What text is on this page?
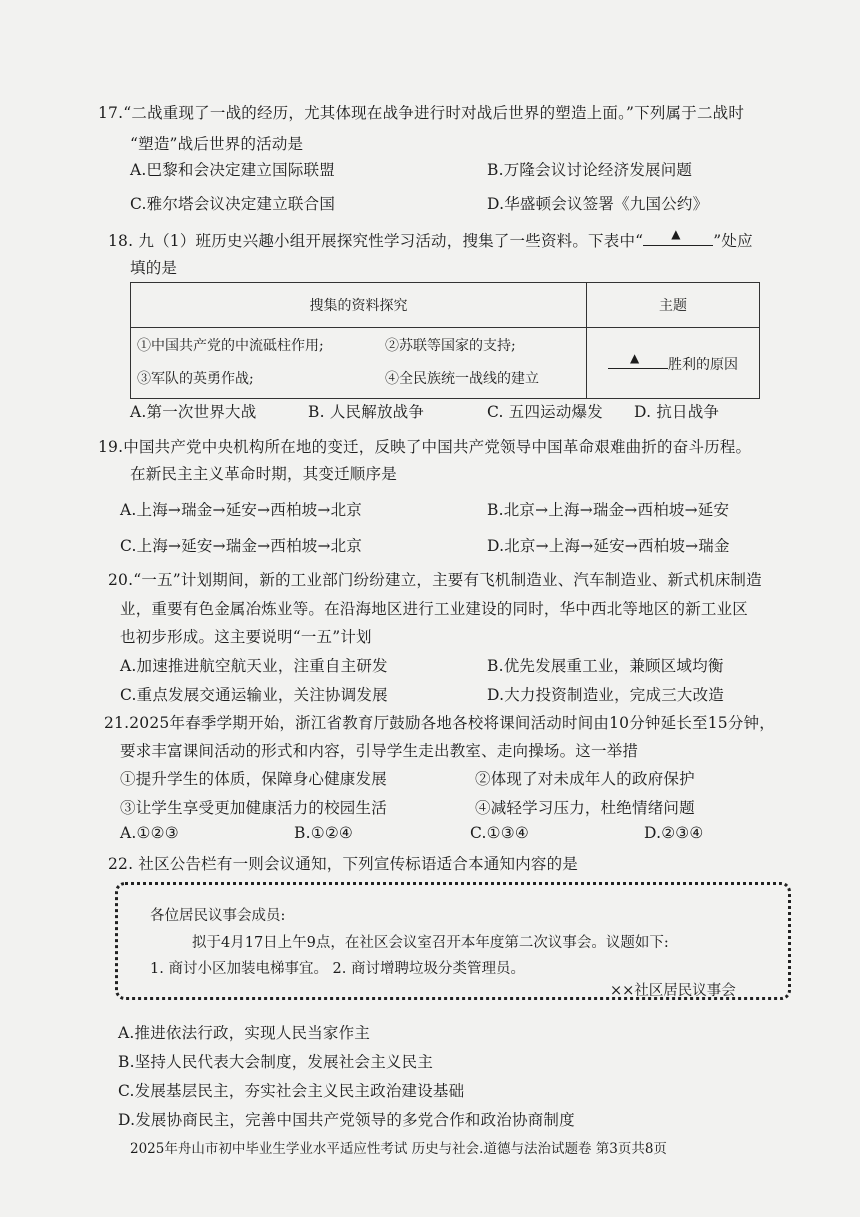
17.“二战重现了一战的经历，尤其体现在战争进行时对战后世界的塑造上面。”下列属于二战时
“塑造”战后世界的活动是
A.巴黎和会决定建立国际联盟	B.万隆会议讨论经济发展问题
C.雅尔塔会议决定建立联合国	D.华盛顿会议签署《九国公约》
18. 九（1）班历史兴趣小组开展探究性学习活动，搜集了一些资料。下表中“ ▲ ”处应
填的是
搜集的资料探究	主题

①中国共产党的中流砥柱作用; ②苏联等国家的支持;
③军队的英勇作战; ④全民族统一战线的建立	▲ 胜利的原因
A.第一次世界大战	B. 人民解放战争	C. 五四运动爆发 D. 抗日战争
19.中国共产党中央机构所在地的变迁，反映了中国共产党领导中国革命艰难曲折的奋斗历程。
在新民主主义革命时期，其变迁顺序是
A.上海→瑞金→延安→西柏坡→北京	B.北京→上海→瑞金→西柏坡→延安
C.上海→延安→瑞金→西柏坡→北京	D.北京→上海→延安→西柏坡→瑞金
20.“一五”计划期间，新的工业部门纷纷建立，主要有飞机制造业、汽车制造业、新式机床制造
业，重要有色金属冶炼业等。在沿海地区进行工业建设的同时，华中西北等地区的新工业区
也初步形成。这主要说明“一五”计划
A.加速推进航空航天业，注重自主研发	B.优先发展重工业，兼顾区域均衡
C.重点发展交通运输业，关注协调发展	D.大力投资制造业，完成三大改造
21.2025年春季学期开始，浙江省教育厅鼓励各地各校将课间活动时间由10分钟延长至15分钟，
要求丰富课间活动的形式和内容，引导学生走出教室、走向操场。这一举措
①提升学生的体质，保障身心健康发展	②体现了对未成年人的政府保护
③让学生享受更加健康活力的校园生活	④减轻学习压力，杜绝情绪问题
A.①②③	B.①②④	C.①③④	D.②③④
22. 社区公告栏有一则会议通知，下列宣传标语适合本通知内容的是
各位居民议事会成员:
拟于4月17日上午9点，在社区会议室召开本年度第二次议事会。议题如下:
1. 商讨小区加装电梯事宜。 2. 商讨增聘垃圾分类管理员。
××社区居民议事会
A.推进依法行政，实现人民当家作主
B.坚持人民代表大会制度，发展社会主义民主
C.发展基层民主，夯实社会主义民主政治建设基础
D.发展协商民主，完善中国共产党领导的多党合作和政治协商制度
2025年舟山市初中毕业生学业水平适应性考试 历史与社会.道德与法治试题卷 第3页共8页
